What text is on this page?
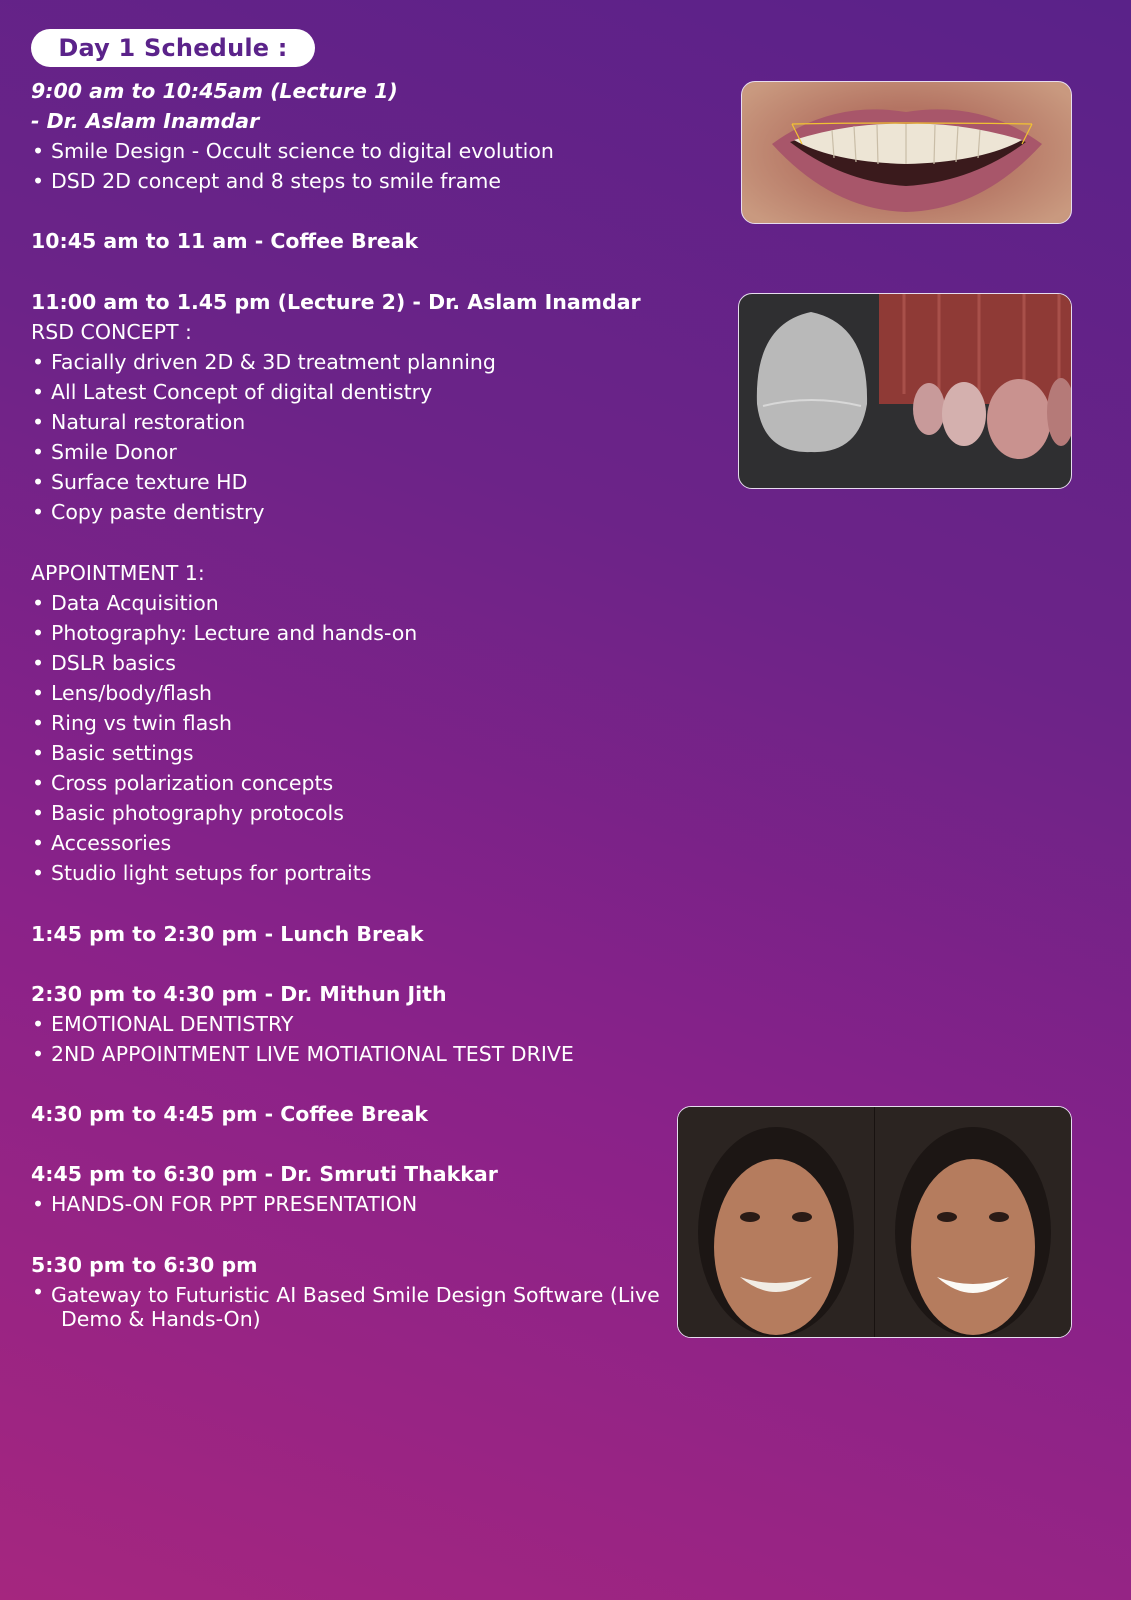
Day 1 Schedule :
9:00 am to 10:45am (Lecture 1)
- Dr. Aslam Inamdar
• Smile Design - Occult science to digital evolution
• DSD 2D concept and 8 steps to smile frame
10:45 am to 11 am - Coffee Break
11:00 am to 1.45 pm (Lecture 2) - Dr. Aslam Inamdar
RSD CONCEPT :
• Facially driven 2D & 3D treatment planning
• All Latest Concept of digital dentistry
• Natural restoration
• Smile Donor
• Surface texture HD
• Copy paste dentistry
APPOINTMENT 1:
• Data Acquisition
• Photography: Lecture and hands-on
• DSLR basics
• Lens/body/flash
• Ring vs twin flash
• Basic settings
• Cross polarization concepts
• Basic photography protocols
• Accessories
• Studio light setups for portraits
1:45 pm to 2:30 pm - Lunch Break
2:30 pm to 4:30 pm - Dr. Mithun Jith
• EMOTIONAL DENTISTRY
• 2ND APPOINTMENT LIVE MOTIATIONAL TEST DRIVE
4:30 pm to 4:45 pm - Coffee Break
4:45 pm to 6:30 pm - Dr. Smruti Thakkar
• HANDS-ON FOR PPT PRESENTATION
5:30 pm to 6:30 pm
• Gateway to Futuristic AI Based Smile Design Software (Live
Demo & Hands-On)
